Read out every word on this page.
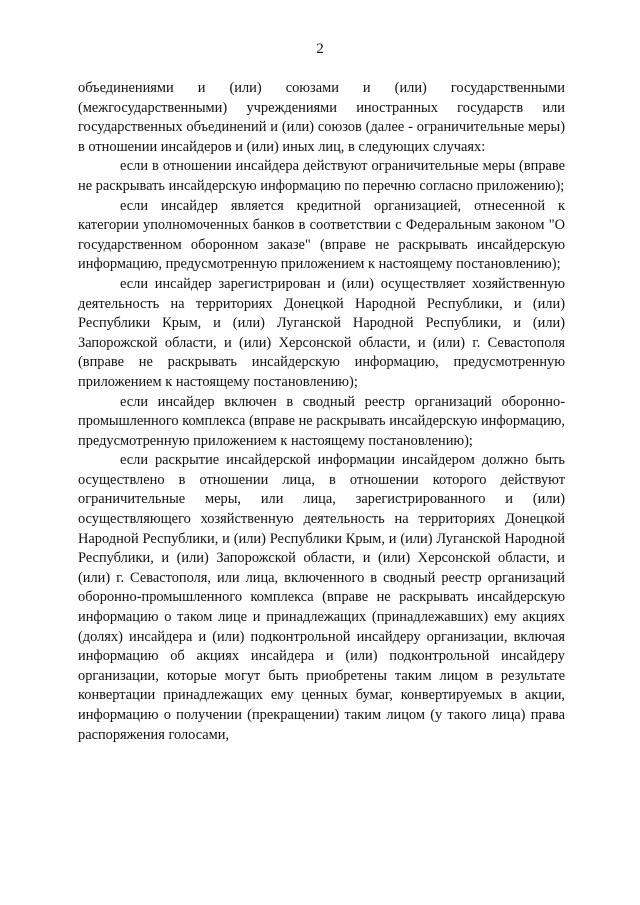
2

объединениями и (или) союзами и (или) государственными (межгосударственными) учреждениями иностранных государств или государственных объединений и (или) союзов (далее - ограничительные меры) в отношении инсайдеров и (или) иных лиц, в следующих случаях:

если в отношении инсайдера действуют ограничительные меры (вправе не раскрывать инсайдерскую информацию по перечню согласно приложению);

если инсайдер является кредитной организацией, отнесенной к категории уполномоченных банков в соответствии с Федеральным законом "О государственном оборонном заказе" (вправе не раскрывать инсайдерскую информацию, предусмотренную приложением к настоящему постановлению);

если инсайдер зарегистрирован и (или) осуществляет хозяйственную деятельность на территориях Донецкой Народной Республики, и (или) Республики Крым, и (или) Луганской Народной Республики, и (или) Запорожской области, и (или) Херсонской области, и (или) г. Севастополя (вправе не раскрывать инсайдерскую информацию, предусмотренную приложением к настоящему постановлению);

если инсайдер включен в сводный реестр организаций оборонно-промышленного комплекса (вправе не раскрывать инсайдерскую информацию, предусмотренную приложением к настоящему постановлению);

если раскрытие инсайдерской информации инсайдером должно быть осуществлено в отношении лица, в отношении которого действуют ограничительные меры, или лица, зарегистрированного и (или) осуществляющего хозяйственную деятельность на территориях Донецкой Народной Республики, и (или) Республики Крым, и (или) Луганской Народной Республики, и (или) Запорожской области, и (или) Херсонской области, и (или) г. Севастополя, или лица, включенного в сводный реестр организаций оборонно-промышленного комплекса (вправе не раскрывать инсайдерскую информацию о таком лице и принадлежащих (принадлежавших) ему акциях (долях) инсайдера и (или) подконтрольной инсайдеру организации, включая информацию об акциях инсайдера и (или) подконтрольной инсайдеру организации, которые могут быть приобретены таким лицом в результате конвертации принадлежащих ему ценных бумаг, конвертируемых в акции, информацию о получении (прекращении) таким лицом (у такого лица) права распоряжения голосами,
